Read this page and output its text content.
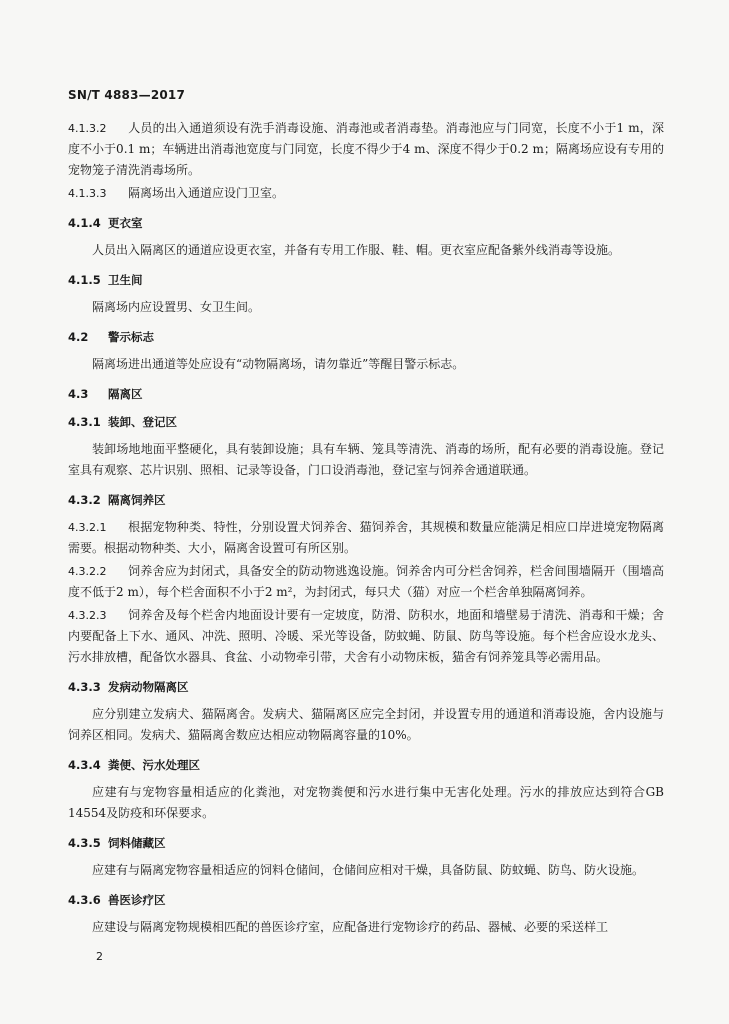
SN/T 4883—2017
4.1.3.2 人员的出入通道须设有洗手消毒设施、消毒池或者消毒垫。消毒池应与门同宽，长度不小于1 m，深度不小于0.1 m；车辆进出消毒池宽度与门同宽，长度不得少于4 m、深度不得少于0.2 m；隔离场应设有专用的宠物笼子清洗消毒场所。
4.1.3.3 隔离场出入通道应设门卫室。
4.1.4 更衣室

人员出入隔离区的通道应设更衣室，并备有专用工作服、鞋、帽。更衣室应配备紫外线消毒等设施。

4.1.5 卫生间

隔离场内应设置男、女卫生间。

4.2 警示标志

隔离场进出通道等处应设有“动物隔离场，请勿靠近”等醒目警示标志。

4.3 隔离区
4.3.1 装卸、登记区

装卸场地地面平整硬化，具有装卸设施；具有车辆、笼具等清洗、消毒的场所，配有必要的消毒设施。登记室具有观察、芯片识别、照相、记录等设备，门口设消毒池，登记室与饲养舍通道联通。

4.3.2 隔离饲养区
4.3.2.1 根据宠物种类、特性，分别设置犬饲养舍、猫饲养舍，其规模和数量应能满足相应口岸进境宠物隔离需要。根据动物种类、大小，隔离舍设置可有所区别。
4.3.2.2 饲养舍应为封闭式，具备安全的防动物逃逸设施。饲养舍内可分栏舍饲养，栏舍间围墙隔开（围墙高度不低于2 m），每个栏舍面积不小于2 m²，为封闭式，每只犬（猫）对应一个栏舍单独隔离饲养。
4.3.2.3 饲养舍及每个栏舍内地面设计要有一定坡度，防滑、防积水，地面和墙壁易于清洗、消毒和干燥；舍内要配备上下水、通风、冲洗、照明、冷暖、采光等设备，防蚊蝇、防鼠、防鸟等设施。每个栏舍应设水龙头、污水排放槽，配备饮水器具、食盆、小动物牵引带，犬舍有小动物床板，猫舍有饲养笼具等必需用品。
4.3.3 发病动物隔离区

应分别建立发病犬、猫隔离舍。发病犬、猫隔离区应完全封闭，并设置专用的通道和消毒设施，舍内设施与饲养区相同。发病犬、猫隔离舍数应达相应动物隔离容量的10%。

4.3.4 粪便、污水处理区

应建有与宠物容量相适应的化粪池，对宠物粪便和污水进行集中无害化处理。污水的排放应达到符合GB 14554及防疫和环保要求。

4.3.5 饲料储藏区

应建有与隔离宠物容量相适应的饲料仓储间，仓储间应相对干燥，具备防鼠、防蚊蝇、防鸟、防火设施。

4.3.6 兽医诊疗区

应建设与隔离宠物规模相匹配的兽医诊疗室，应配备进行宠物诊疗的药品、器械、必要的采送样工

2
